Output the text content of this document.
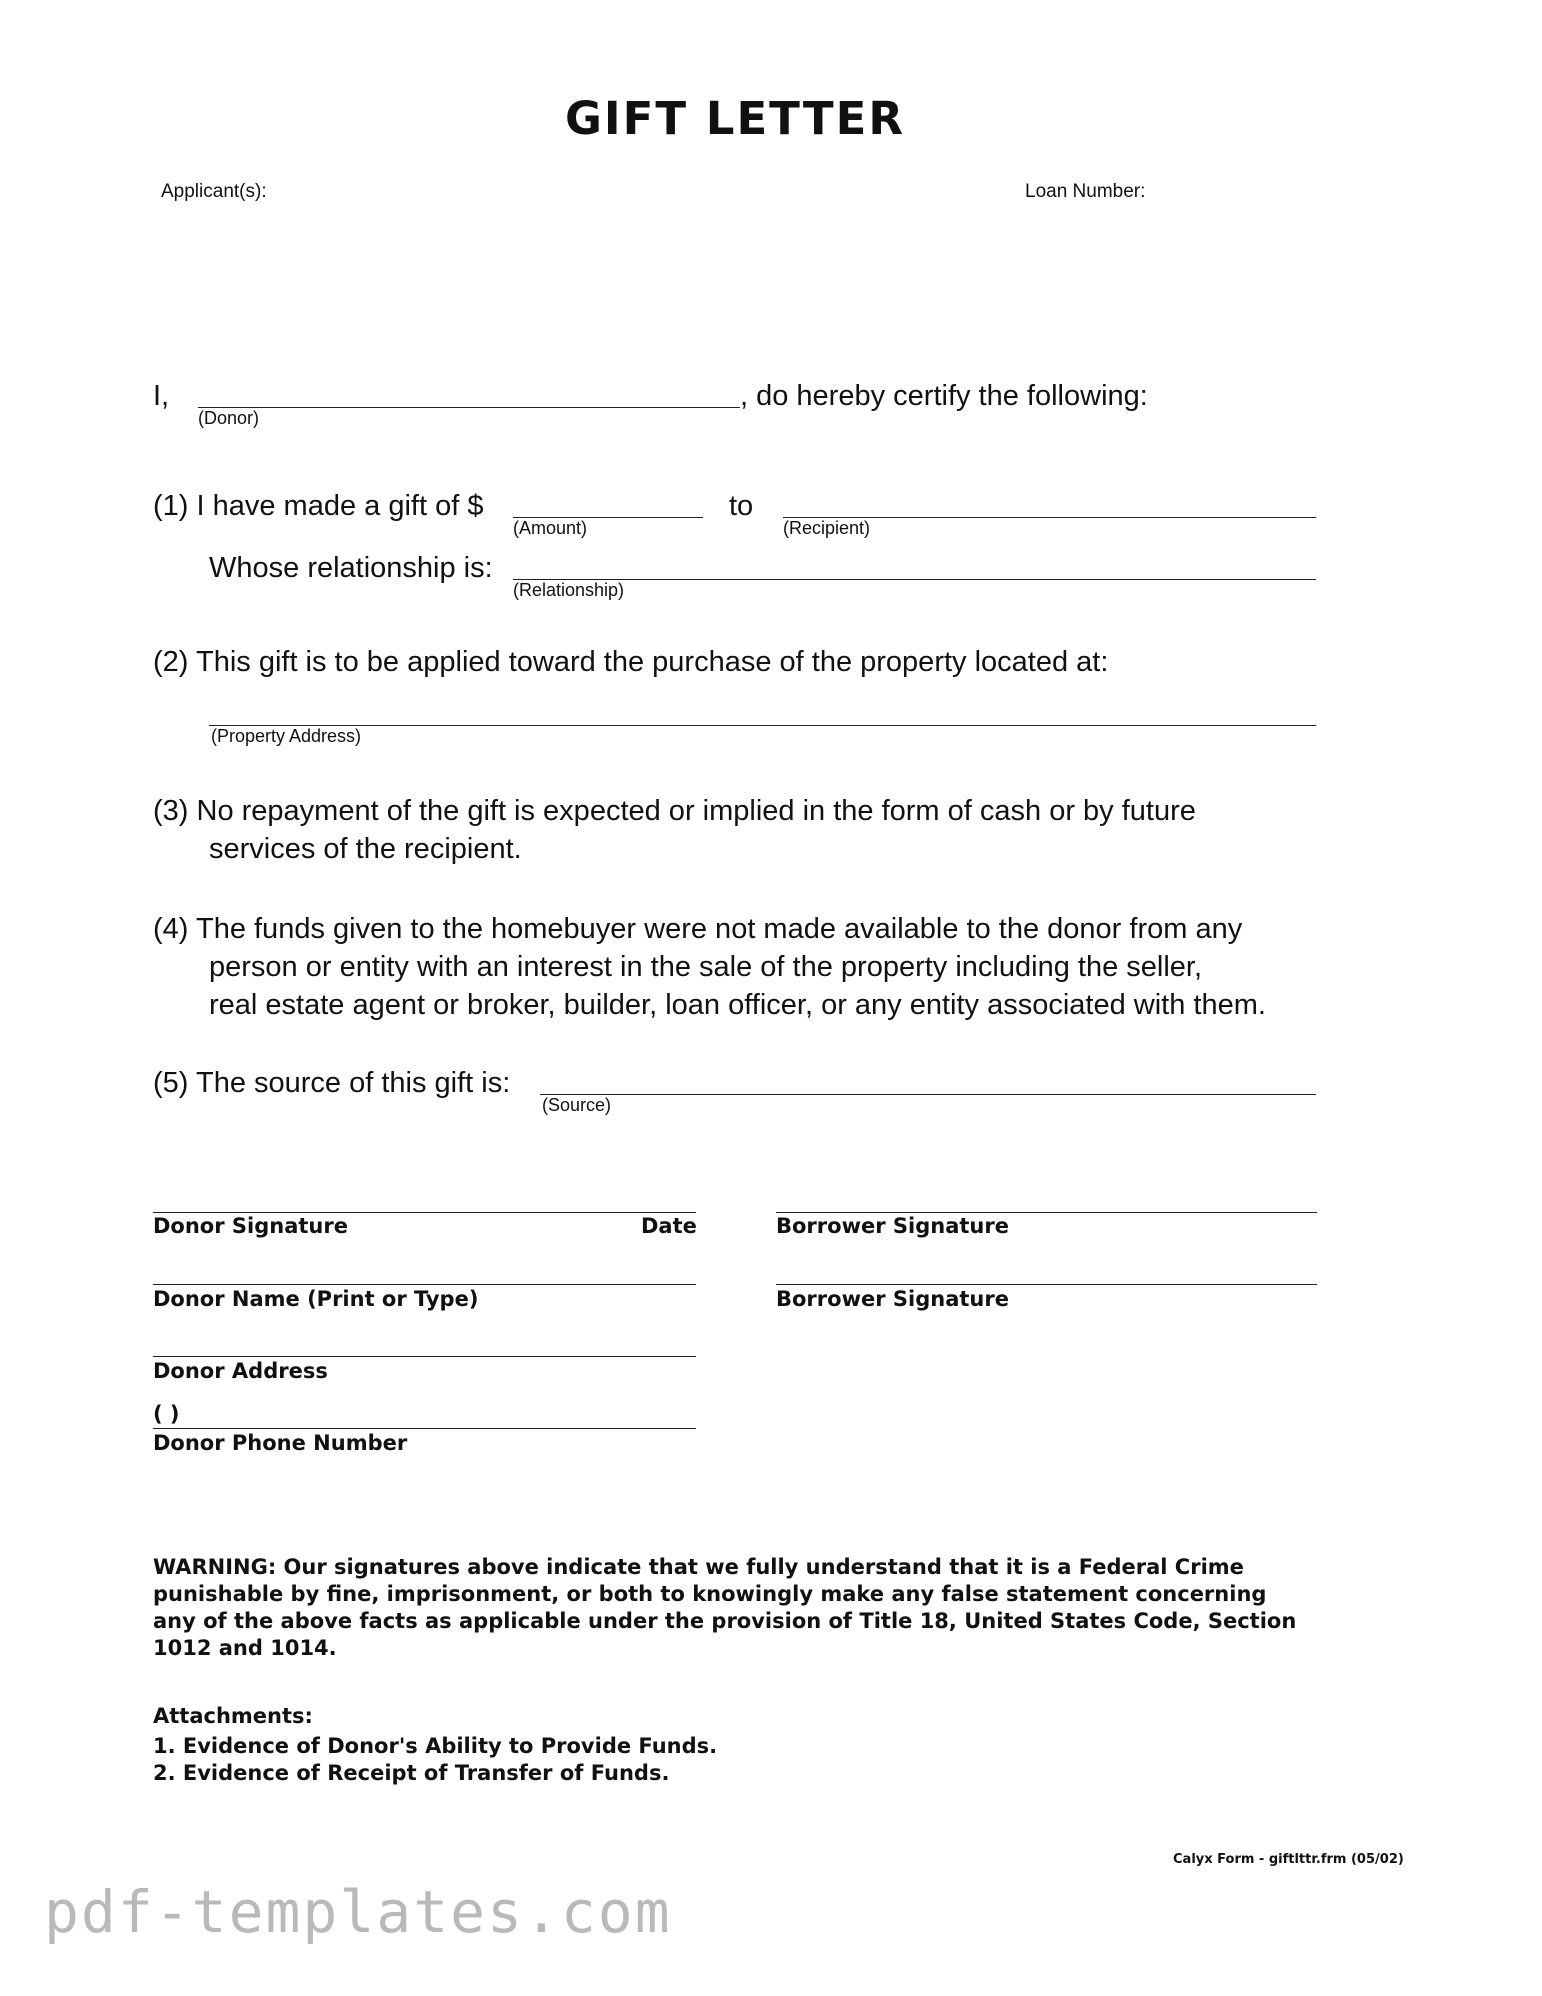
GIFT LETTER
Applicant(s):	Loan Number:
I,
(Donor)
, do hereby certify the following:
(1) I have made a gift of $
(Amount)
to
(Recipient)
Whose relationship is:
(Relationship)
(2) This gift is to be applied toward the purchase of the property located at:
(Property Address)
(3) No repayment of the gift is expected or implied in the form of cash or by future
services of the recipient.
(4) The funds given to the homebuyer were not made available to the donor from any
person or entity with an interest in the sale of the property including the seller,
real estate agent or broker, builder, loan officer, or any entity associated with them.
(5) The source of this gift is:
(Source)
Donor Signature	Date
Donor Name (Print or Type)
Donor Address
( )
Donor Phone Number
Borrower Signature
Borrower Signature
WARNING: Our signatures above indicate that we fully understand that it is a Federal Crime punishable by fine, imprisonment, or both to knowingly make any false statement concerning any of the above facts as applicable under the provision of Title 18, United States Code, Section 1012 and 1014.
Attachments:
1. Evidence of Donor's Ability to Provide Funds.
2. Evidence of Receipt of Transfer of Funds.
Calyx Form - giftlttr.frm (05/02)
pdf-templates.com
